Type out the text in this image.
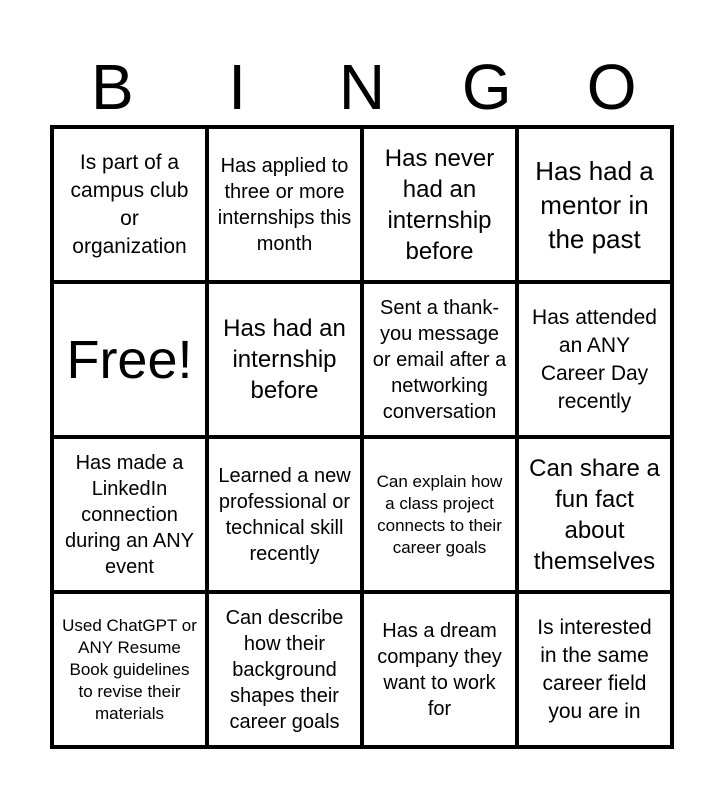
B	I	N	G	O
Is part of a campus club or organization
Has applied to three or more internships this month
Has never had an internship before
Has had a mentor in the past
Free!
Has had an internship before
Sent a thank-you message or email after a networking conversation
Has attended an ANY Career Day recently
Has made a LinkedIn connection during an ANY event
Learned a new professional or technical skill recently
Can explain how a class project connects to their career goals
Can share a fun fact about themselves
Used ChatGPT or ANY Resume Book guidelines to revise their materials
Can describe how their background shapes their career goals
Has a dream company they want to work for
Is interested in the same career field you are in
